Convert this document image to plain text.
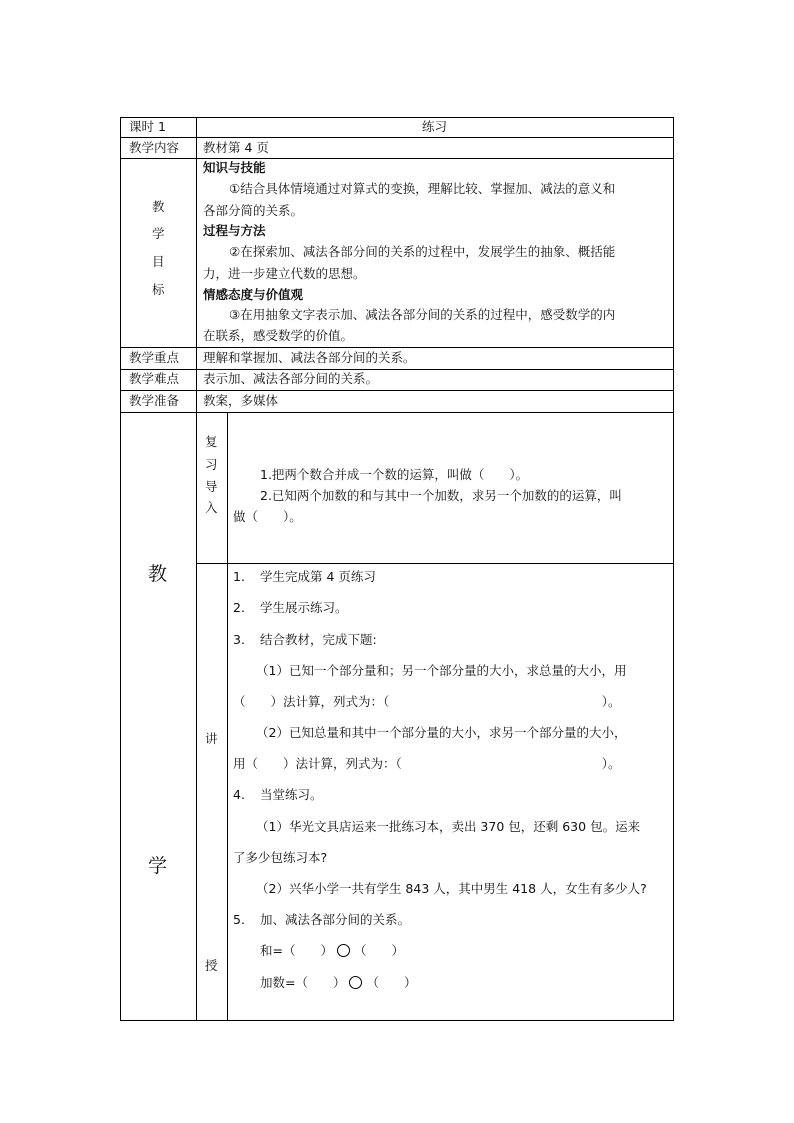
课时 1	练习
教学内容 教材第 4 页
教
学
目
标
知识与技能
①结合具体情境通过对算式的变换，理解比较、掌握加、减法的意义和
各部分简的关系。
过程与方法
②在探索加、减法各部分间的关系的过程中，发展学生的抽象、概括能
力，进一步建立代数的思想。
情感态度与价值观
③在用抽象文字表示加、减法各部分间的关系的过程中，感受数学的内
在联系，感受数学的价值。
教学重点 理解和掌握加、减法各部分间的关系。
教学难点 表示加、减法各部分间的关系。
教学准备 教案，多媒体
教
学
复
习
导
入
1.把两个数合并成一个数的运算，叫做（　　）。
2.已知两个加数的和与其中一个加数，求另一个加数的的运算，叫
做（　　）。
讲
授
1. 学生完成第 4 页练习
2. 学生展示练习。
3. 结合教材，完成下题:
（1）已知一个部分量和；另一个部分量的大小，求总量的大小，用
（　　）法计算，列式为：（　　　　　　　　　　　　　　　　　）。
（2）已知总量和其中一个部分量的大小，求另一个部分量的大小，
用（　　）法计算，列式为：（　　　　　　　　　　　　　　　　）。
4. 当堂练习。
（1）华光文具店运来一批练习本，卖出 370 包，还剩 630 包。运来
了多少包练习本?
（2）兴华小学一共有学生 843 人，其中男生 418 人，女生有多少人?
5. 加、减法各部分间的关系。
和=（　　） （　　）
加数=（　　） （　　）
